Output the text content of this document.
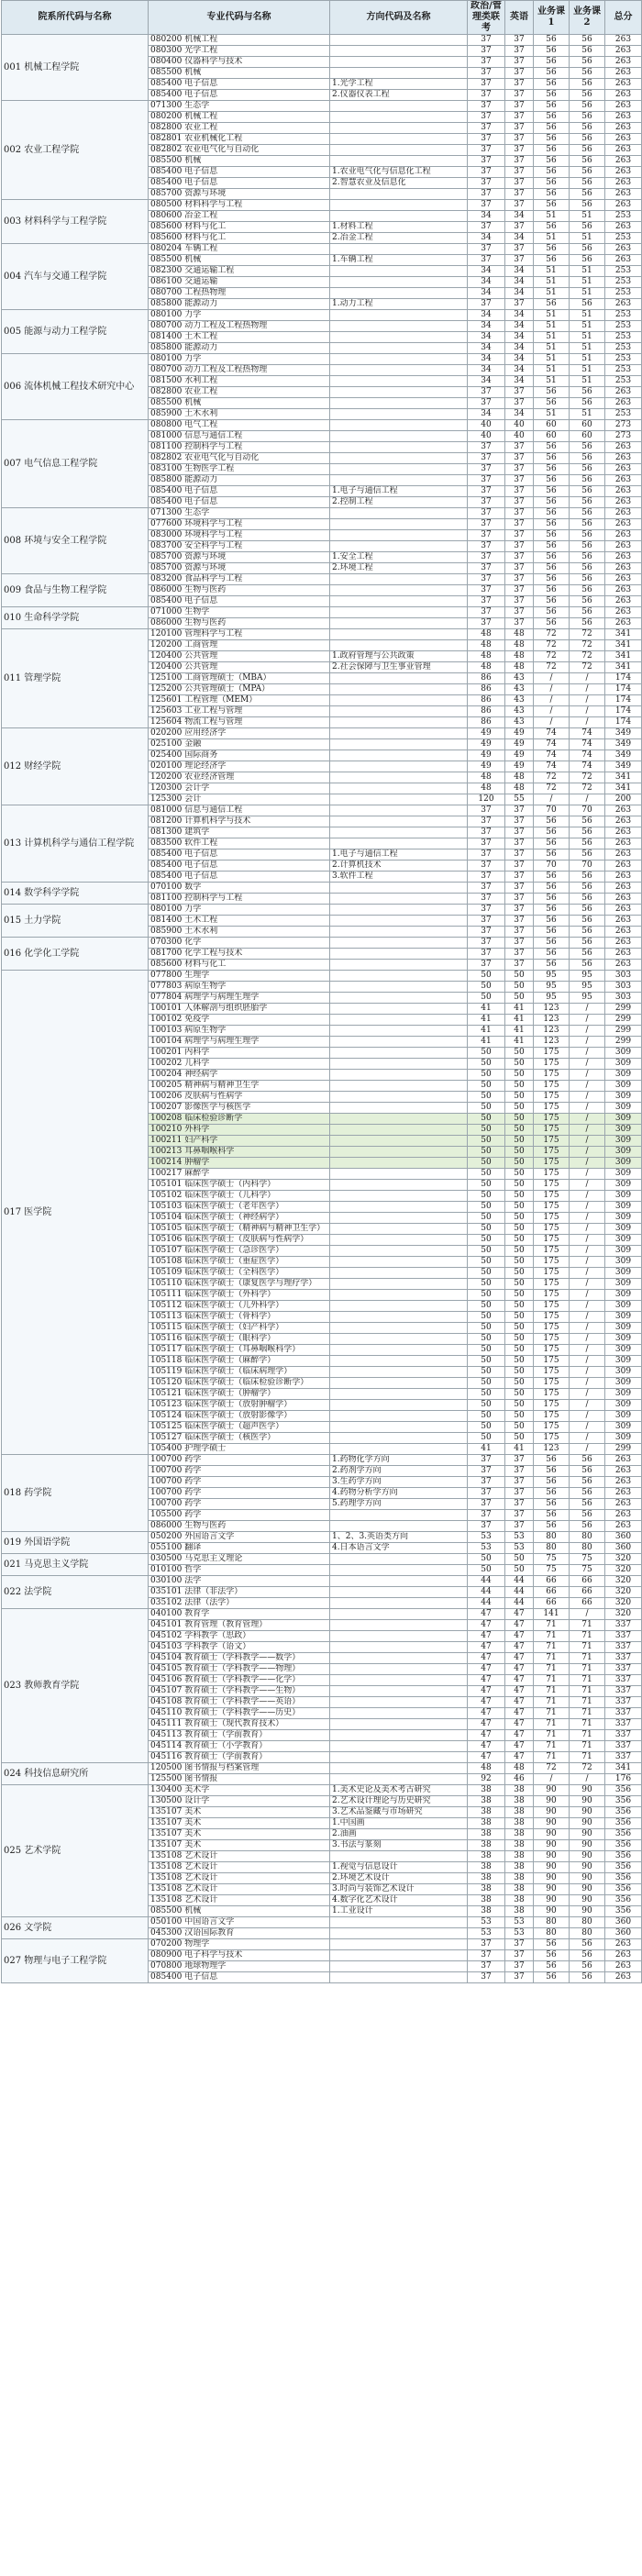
院系所代码与名称	专业代码与名称	方向代码及名称	政治/管理类联考	英语	业务课1	业务课2	总分
001 机械工程学院	080200 机械工程		37	37	56	56	263
	080300 光学工程		37	37	56	56	263
	080400 仪器科学与技术		37	37	56	56	263
	085500 机械		37	37	56	56	263
	085400 电子信息	1.光学工程	37	37	56	56	263
	085400 电子信息	2.仪器仪表工程	37	37	56	56	263
002 农业工程学院	071300 生态学		37	37	56	56	263
	080200 机械工程		37	37	56	56	263
	082800 农业工程		37	37	56	56	263
	082801 农业机械化工程		37	37	56	56	263
	082802 农业电气化与自动化		37	37	56	56	263
	085500 机械		37	37	56	56	263
	085400 电子信息	1.农业电气化与信息化工程	37	37	56	56	263
	085400 电子信息	2.智慧农业及信息化	37	37	56	56	263
	085700 资源与环境		37	37	56	56	263
003 材料科学与工程学院	080500 材料科学与工程		37	37	56	56	263
	080600 冶金工程		34	34	51	51	253
	085600 材料与化工	1.材料工程	37	37	56	56	263
	085600 材料与化工	2.冶金工程	34	34	51	51	253
004 汽车与交通工程学院	080204 车辆工程		37	37	56	56	263
	085500 机械	1.车辆工程	37	37	56	56	263
	082300 交通运输工程		34	34	51	51	253
	086100 交通运输		34	34	51	51	253
	080700 工程热物理		34	34	51	51	253
	085800 能源动力	1.动力工程	37	37	56	56	263
005 能源与动力工程学院	080100 力学		34	34	51	51	253
	080700 动力工程及工程热物理		34	34	51	51	253
	081400 土木工程		34	34	51	51	253
	085800 能源动力		34	34	51	51	253
006 流体机械工程技术研究中心	080100 力学		34	34	51	51	253
	080700 动力工程及工程热物理		34	34	51	51	253
	081500 水利工程		34	34	51	51	253
	082800 农业工程		37	37	56	56	263
	085500 机械		37	37	56	56	263
	085900 土木水利		34	34	51	51	253
007 电气信息工程学院	080800 电气工程		40	40	60	60	273
	081000 信息与通信工程		40	40	60	60	273
	081100 控制科学与工程		37	37	56	56	263
	082802 农业电气化与自动化		37	37	56	56	263
	083100 生物医学工程		37	37	56	56	263
	085800 能源动力		37	37	56	56	263
	085400 电子信息	1.电子与通信工程	37	37	56	56	263
	085400 电子信息	2.控制工程	37	37	56	56	263
008 环境与安全工程学院	071300 生态学		37	37	56	56	263
	077600 环境科学与工程		37	37	56	56	263
	083000 环境科学与工程		37	37	56	56	263
	083700 安全科学与工程		37	37	56	56	263
	085700 资源与环境	1.安全工程	37	37	56	56	263
	085700 资源与环境	2.环境工程	37	37	56	56	263
009 食品与生物工程学院	083200 食品科学与工程		37	37	56	56	263
	086000 生物与医药		37	37	56	56	263
	085400 电子信息		37	37	56	56	263
010 生命科学学院	071000 生物学		37	37	56	56	263
	086000 生物与医药		37	37	56	56	263
011 管理学院	120100 管理科学与工程		48	48	72	72	341
	120200 工商管理		48	48	72	72	341
	120400 公共管理	1.政府管理与公共政策	48	48	72	72	341
	120400 公共管理	2.社会保障与卫生事业管理	48	48	72	72	341
	125100 工商管理硕士（MBA）		86	43	/	/	174
	125200 公共管理硕士（MPA）		86	43	/	/	174
	125601 工程管理（MEM）		86	43	/	/	174
	125603 工业工程与管理		86	43	/	/	174
	125604 物流工程与管理		86	43	/	/	174
012 财经学院	020200 应用经济学		49	49	74	74	349
	025100 金融		49	49	74	74	349
	025400 国际商务		49	49	74	74	349
	020100 理论经济学		49	49	74	74	349
	120200 农业经济管理		48	48	72	72	341
	120300 会计学		48	48	72	72	341
	125300 会计		120	55	/	/	200
013 计算机科学与通信工程学院	081000 信息与通信工程		37	37	70	70	263
	081200 计算机科学与技术		37	37	56	56	263
	081300 建筑学		37	37	56	56	263
	083500 软件工程		37	37	56	56	263
	085400 电子信息	1.电子与通信工程	37	37	56	56	263
	085400 电子信息	2.计算机技术	37	37	70	70	263
	085400 电子信息	3.软件工程	37	37	56	56	263
014 数学科学学院	070100 数学		37	37	56	56	263
	081100 控制科学与工程		37	37	56	56	263
015 土力学院	080100 力学		37	37	56	56	263
	081400 土木工程		37	37	56	56	263
	085900 土木水利		37	37	56	56	263
016 化学化工学院	070300 化学		37	37	56	56	263
	081700 化学工程与技术		37	37	56	56	263
	085600 材料与化工		37	37	56	56	263
017 医学院	077800 生理学		50	50	95	95	303
	077803 病原生物学		50	50	95	95	303
	077804 病理学与病理生理学		50	50	95	95	303
	100101 人体解剖与组织胚胎学		41	41	123	/	299
	100102 免疫学		41	41	123	/	299
	100103 病原生物学		41	41	123	/	299
	100104 病理学与病理生理学		41	41	123	/	299
	100201 内科学		50	50	175	/	309
	100202 儿科学		50	50	175	/	309
	100204 神经病学		50	50	175	/	309
	100205 精神病与精神卫生学		50	50	175	/	309
	100206 皮肤病与性病学		50	50	175	/	309
	100207 影像医学与核医学		50	50	175	/	309
	100208 临床检验诊断学		50	50	175	/	309
	100210 外科学		50	50	175	/	309
	100211 妇产科学		50	50	175	/	309
	100213 耳鼻咽喉科学		50	50	175	/	309
	100214 肿瘤学		50	50	175	/	309
	100217 麻醉学		50	50	175	/	309
	105101 临床医学硕士（内科学）		50	50	175	/	309
	105102 临床医学硕士（儿科学）		50	50	175	/	309
	105103 临床医学硕士（老年医学）		50	50	175	/	309
	105104 临床医学硕士（神经病学）		50	50	175	/	309
	105105 临床医学硕士（精神病与精神卫生学）		50	50	175	/	309
	105106 临床医学硕士（皮肤病与性病学）		50	50	175	/	309
	105107 临床医学硕士（急诊医学）		50	50	175	/	309
	105108 临床医学硕士（重症医学）		50	50	175	/	309
	105109 临床医学硕士（全科医学）		50	50	175	/	309
	105110 临床医学硕士（康复医学与理疗学）		50	50	175	/	309
	105111 临床医学硕士（外科学）		50	50	175	/	309
	105112 临床医学硕士（儿外科学）		50	50	175	/	309
	105113 临床医学硕士（骨科学）		50	50	175	/	309
	105115 临床医学硕士（妇产科学）		50	50	175	/	309
	105116 临床医学硕士（眼科学）		50	50	175	/	309
	105117 临床医学硕士（耳鼻咽喉科学）		50	50	175	/	309
	105118 临床医学硕士（麻醉学）		50	50	175	/	309
	105119 临床医学硕士（临床病理学）		50	50	175	/	309
	105120 临床医学硕士（临床检验诊断学）		50	50	175	/	309
	105121 临床医学硕士（肿瘤学）		50	50	175	/	309
	105123 临床医学硕士（放射肿瘤学）		50	50	175	/	309
	105124 临床医学硕士（放射影像学）		50	50	175	/	309
	105125 临床医学硕士（超声医学）		50	50	175	/	309
	105127 临床医学硕士（核医学）		50	50	175	/	309
	105400 护理学硕士		41	41	123	/	299
018 药学院	100700 药学	1.药物化学方向	37	37	56	56	263
	100700 药学	2.药剂学方向	37	37	56	56	263
	100700 药学	3.生药学方向	37	37	56	56	263
	100700 药学	4.药物分析学方向	37	37	56	56	263
	100700 药学	5.药理学方向	37	37	56	56	263
	105500 药学		37	37	56	56	263
	086000 生物与医药		37	37	56	56	263
019 外国语学院	050200 外国语言文学	1、2、3.英语类方向	53	53	80	80	360
	055100 翻译	4.日本语言文学	53	53	80	80	360
021 马克思主义学院	030500 马克思主义理论		50	50	75	75	320
	010100 哲学		50	50	75	75	320
022 法学院	030100 法学		44	44	66	66	320
	035101 法律（非法学）		44	44	66	66	320
	035102 法律（法学）		44	44	66	66	320
023 教师教育学院	040100 教育学		47	47	141	/	320
	045101 教育管理（教育管理）		47	47	71	71	337
	045102 学科教学（思政）		47	47	71	71	337
	045103 学科教学（语文）		47	47	71	71	337
	045104 教育硕士（学科教学——数学）		47	47	71	71	337
	045105 教育硕士（学科教学——物理）		47	47	71	71	337
	045106 教育硕士（学科教学——化学）		47	47	71	71	337
	045107 教育硕士（学科教学——生物）		47	47	71	71	337
	045108 教育硕士（学科教学——英语）		47	47	71	71	337
	045110 教育硕士（学科教学——历史）		47	47	71	71	337
	045111 教育硕士（现代教育技术）		47	47	71	71	337
	045113 教育硕士（学前教育）		47	47	71	71	337
	045114 教育硕士（小学教育）		47	47	71	71	337
	045116 教育硕士（学前教育）		47	47	71	71	337
024 科技信息研究所	120500 图书情报与档案管理		48	48	72	72	341
	125500 图书情报		92	46	/	/	176
025 艺术学院	130400 美术学	1.美术史论及美术考古研究	38	38	90	90	356
	130500 设计学	2.艺术设计理论与历史研究	38	38	90	90	356
	135107 美术	3.艺术品鉴藏与市场研究	38	38	90	90	356
	135107 美术	1.中国画	38	38	90	90	356
	135107 美术	2.油画	38	38	90	90	356
	135107 美术	3.书法与篆刻	38	38	90	90	356
	135108 艺术设计		38	38	90	90	356
	135108 艺术设计	1.视觉与信息设计	38	38	90	90	356
	135108 艺术设计	2.环境艺术设计	38	38	90	90	356
	135108 艺术设计	3.时尚与装饰艺术设计	38	38	90	90	356
	135108 艺术设计	4.数字化艺术设计	38	38	90	90	356
	085500 机械	1.工业设计	38	38	90	90	356
026 文学院	050100 中国语言文学		53	53	80	80	360
	045300 汉语国际教育		53	53	80	80	360
027 物理与电子工程学院	070200 物理学		37	37	56	56	263
	080900 电子科学与技术		37	37	56	56	263
	070800 地球物理学		37	37	56	56	263
	085400 电子信息		37	37	56	56	263
